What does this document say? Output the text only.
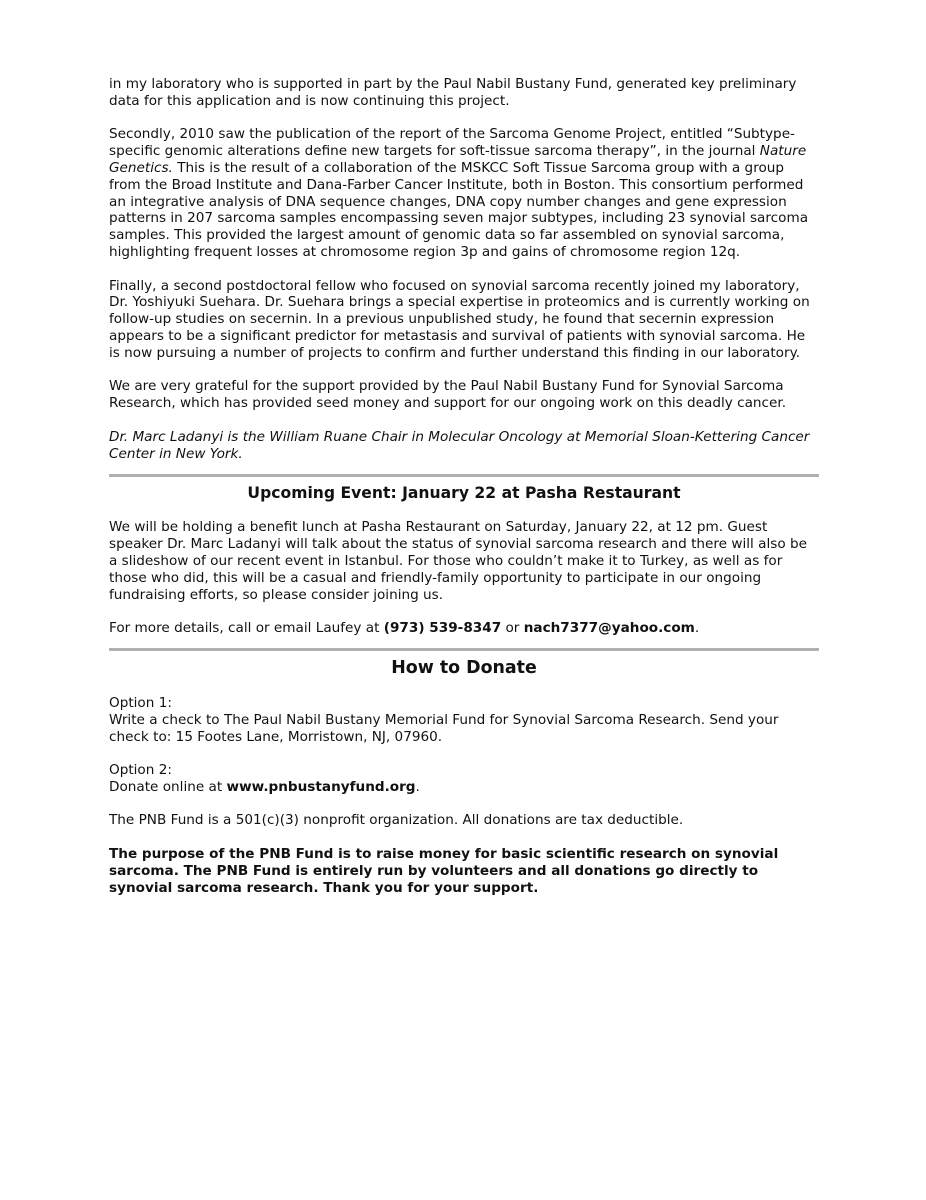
in my laboratory who is supported in part by the Paul Nabil Bustany Fund, generated key preliminary data for this application and is now continuing this project.

Secondly, 2010 saw the publication of the report of the Sarcoma Genome Project, entitled “Subtype-specific genomic alterations define new targets for soft-tissue sarcoma therapy”, in the journal Nature Genetics. This is the result of a collaboration of the MSKCC Soft Tissue Sarcoma group with a group from the Broad Institute and Dana-Farber Cancer Institute, both in Boston. This consortium performed an integrative analysis of DNA sequence changes, DNA copy number changes and gene expression patterns in 207 sarcoma samples encompassing seven major subtypes, including 23 synovial sarcoma samples. This provided the largest amount of genomic data so far assembled on synovial sarcoma, highlighting frequent losses at chromosome region 3p and gains of chromosome region 12q.

Finally, a second postdoctoral fellow who focused on synovial sarcoma recently joined my laboratory, Dr. Yoshiyuki Suehara. Dr. Suehara brings a special expertise in proteomics and is currently working on follow-up studies on secernin. In a previous unpublished study, he found that secernin expression appears to be a significant predictor for metastasis and survival of patients with synovial sarcoma. He is now pursuing a number of projects to confirm and further understand this finding in our laboratory.

We are very grateful for the support provided by the Paul Nabil Bustany Fund for Synovial Sarcoma Research, which has provided seed money and support for our ongoing work on this deadly cancer.

Dr. Marc Ladanyi is the William Ruane Chair in Molecular Oncology at Memorial Sloan-Kettering Cancer Center in New York.

Upcoming Event: January 22 at Pasha Restaurant

We will be holding a benefit lunch at Pasha Restaurant on Saturday, January 22, at 12 pm. Guest speaker Dr. Marc Ladanyi will talk about the status of synovial sarcoma research and there will also be a slideshow of our recent event in Istanbul. For those who couldn’t make it to Turkey, as well as for those who did, this will be a casual and friendly-family opportunity to participate in our ongoing fundraising efforts, so please consider joining us.

For more details, call or email Laufey at (973) 539-8347 or nach7377@yahoo.com.

How to Donate

Option 1:
Write a check to The Paul Nabil Bustany Memorial Fund for Synovial Sarcoma Research. Send your check to: 15 Footes Lane, Morristown, NJ, 07960.

Option 2:
Donate online at www.pnbustanyfund.org.

The PNB Fund is a 501(c)(3) nonprofit organization. All donations are tax deductible.

The purpose of the PNB Fund is to raise money for basic scientific research on synovial sarcoma. The PNB Fund is entirely run by volunteers and all donations go directly to synovial sarcoma research. Thank you for your support.
